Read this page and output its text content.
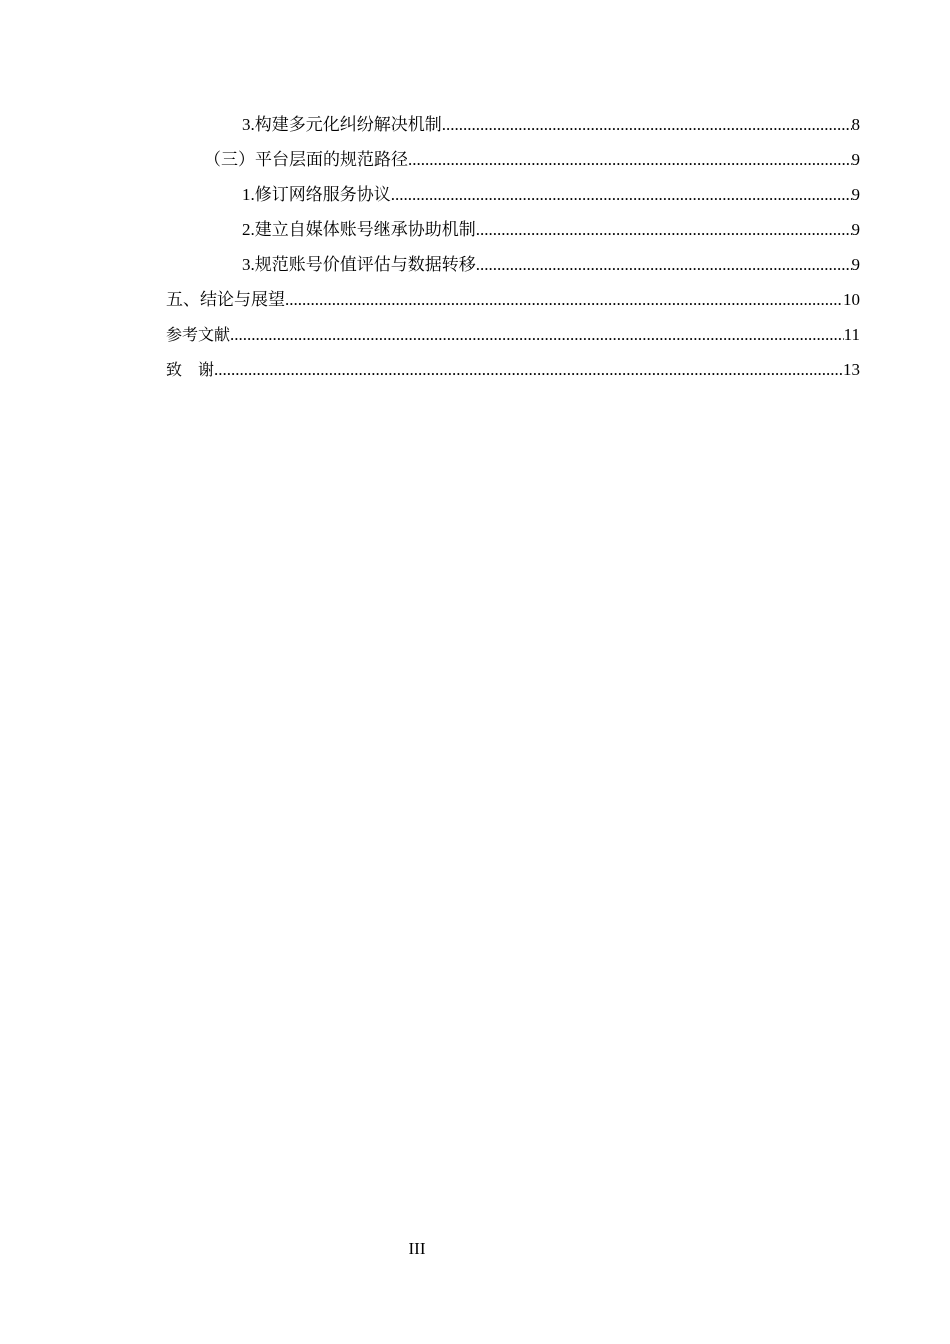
3.构建多元化纠纷解决机制 .....	8
（三）平台层面的规范路径 .....	9
1.修订网络服务协议 .....	9
2.建立自媒体账号继承协助机制 .....	9
3.规范账号价值评估与数据转移 .....	9
五、结论与展望 .....	10
参考文献 .....	11
致　谢 .....	13
III
